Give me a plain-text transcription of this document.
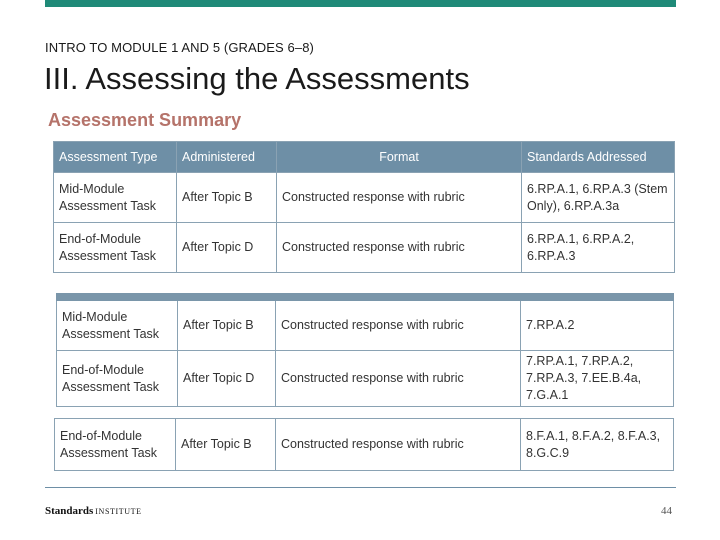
INTRO TO MODULE 1 AND 5 (GRADES 6–8)
III. Assessing the Assessments
Assessment Summary
Assessment Type	Administered	Format	Standards Addressed
Mid-Module Assessment Task	After Topic B	Constructed response with rubric	6.RP.A.1, 6.RP.A.3 (Stem Only), 6.RP.A.3a
End-of-Module Assessment Task	After Topic D	Constructed response with rubric	6.RP.A.1, 6.RP.A.2, 6.RP.A.3

Mid-Module Assessment Task	After Topic B	Constructed response with rubric	7.RP.A.2
End-of-Module Assessment Task	After Topic D	Constructed response with rubric	7.RP.A.1, 7.RP.A.2, 7.RP.A.3, 7.EE.B.4a, 7.G.A.1
End-of-Module Assessment Task	After Topic B	Constructed response with rubric	8.F.A.1, 8.F.A.2, 8.F.A.3, 8.G.C.9
Standards INSTITUTE	44
